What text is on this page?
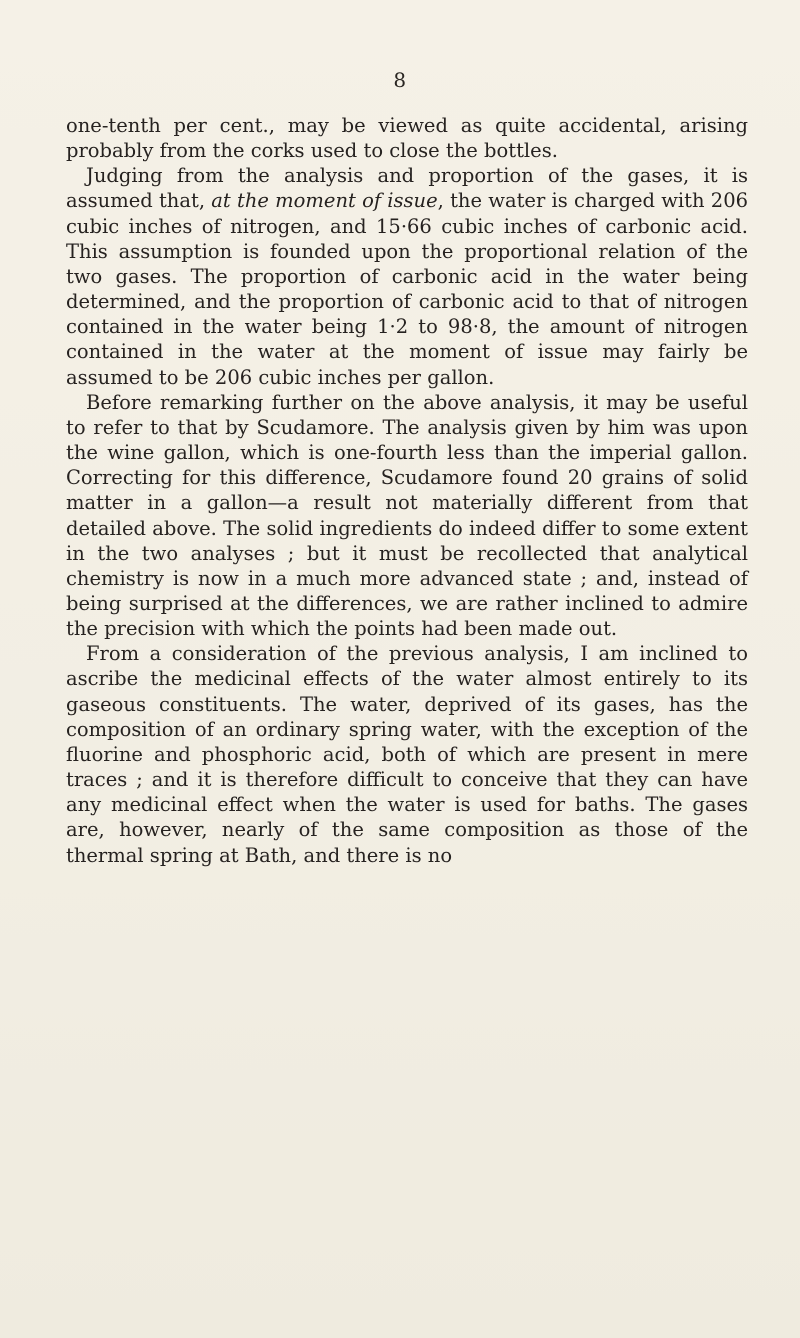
8

one-tenth per cent., may be viewed as quite accidental, arising probably from the corks used to close the bottles.

Judging from the analysis and proportion of the gases, it is assumed that, at the moment of issue, the water is charged with 206 cubic inches of nitrogen, and 15·66 cubic inches of carbonic acid. This assumption is founded upon the proportional relation of the two gases. The proportion of carbonic acid in the water being determined, and the proportion of carbonic acid to that of nitrogen contained in the water being 1·2 to 98·8, the amount of nitrogen contained in the water at the moment of issue may fairly be assumed to be 206 cubic inches per gallon.

Before remarking further on the above analysis, it may be useful to refer to that by Scudamore. The analysis given by him was upon the wine gallon, which is one-fourth less than the imperial gallon. Correcting for this difference, Scudamore found 20 grains of solid matter in a gallon—a result not materially different from that detailed above. The solid ingredients do indeed differ to some extent in the two analyses ; but it must be recollected that analytical chemistry is now in a much more advanced state ; and, instead of being surprised at the differences, we are rather inclined to admire the precision with which the points had been made out.

From a consideration of the previous analysis, I am inclined to ascribe the medicinal effects of the water almost entirely to its gaseous constituents. The water, deprived of its gases, has the composition of an ordinary spring water, with the exception of the fluorine and phosphoric acid, both of which are present in mere traces ; and it is therefore difficult to conceive that they can have any medicinal effect when the water is used for baths. The gases are, however, nearly of the same composition as those of the thermal spring at Bath, and there is no
